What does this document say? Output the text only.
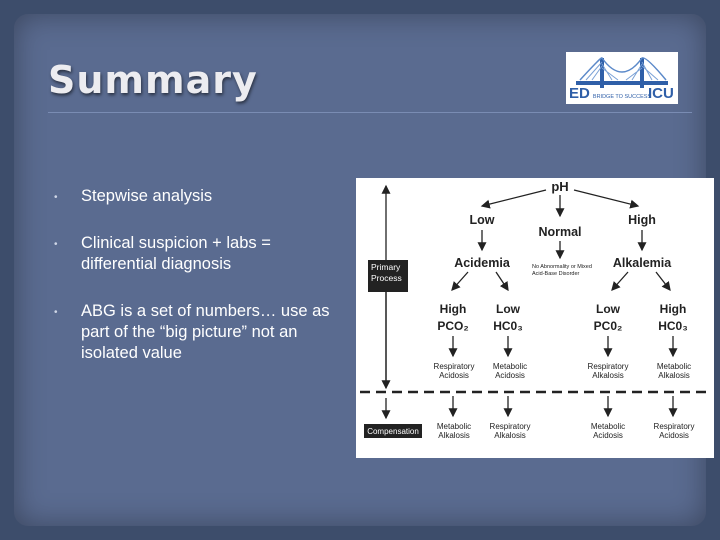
Summary	ED	ICU
BRIDGE TO SUCCESS
• Stepwise analysis
• Clinical suspicion + labs = differential diagnosis
• ABG is a set of numbers… use as part of the “big picture” not an isolated value
pH
Low
Normal
High
Acidemia	Alkalemia
No Abnormality or Mixed Acid-Base Disorder
High
PCO₂
Low
HC0₃
Low
PC0₂
High
HC0₃
Respiratory Acidosis
Metabolic Acidosis
Respiratory Alkalosis
Metabolic Alkalosis
Metabolic Alkalosis
Respiratory Alkalosis
Metabolic Acidosis
Respiratory Acidosis
Primary Process
Compensation
